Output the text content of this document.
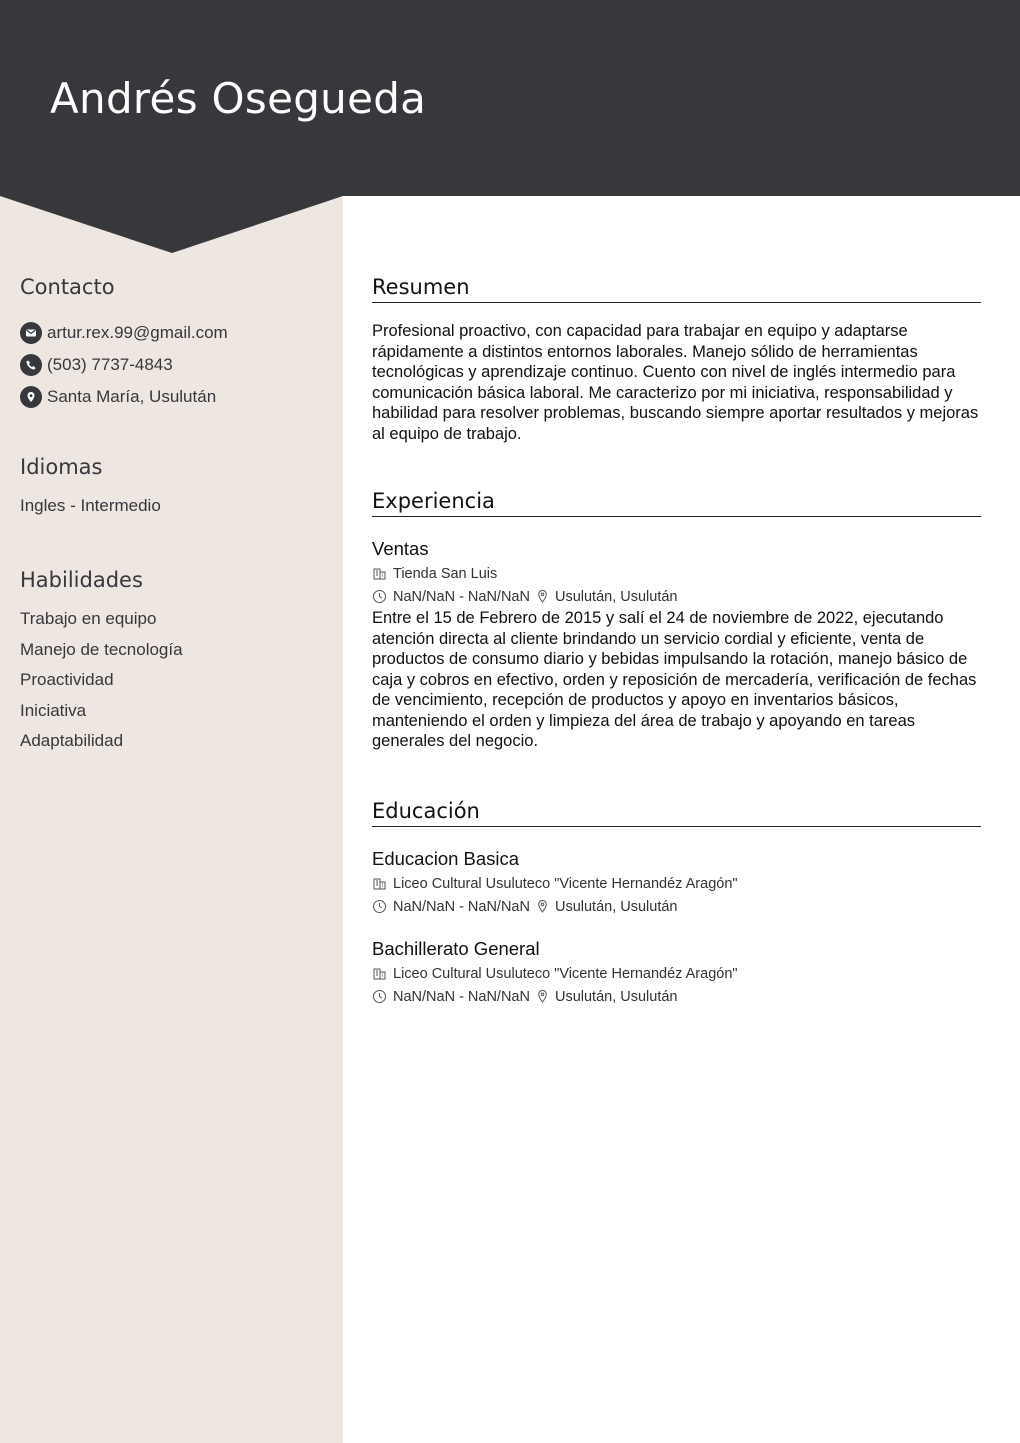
Andrés Osegueda
Contacto
artur.rex.99@gmail.com
(503) 7737-4843
Santa María, Usulután
Idiomas
Ingles - Intermedio
Habilidades
Trabajo en equipo
Manejo de tecnología
Proactividad
Iniciativa
Adaptabilidad
Resumen

Profesional proactivo, con capacidad para trabajar en equipo y adaptarse rápidamente a distintos entornos laborales. Manejo sólido de herramientas tecnológicas y aprendizaje continuo. Cuento con nivel de inglés intermedio para comunicación básica laboral. Me caracterizo por mi iniciativa, responsabilidad y habilidad para resolver problemas, buscando siempre aportar resultados y mejoras al equipo de trabajo.

Experiencia
Ventas
Tienda San Luis
NaN/NaN - NaN/NaN Usulután, Usulután

Entre el 15 de Febrero de 2015 y salí el 24 de noviembre de 2022, ejecutando atención directa al cliente brindando un servicio cordial y eficiente, venta de productos de consumo diario y bebidas impulsando la rotación, manejo básico de caja y cobros en efectivo, orden y reposición de mercadería, verificación de fechas de vencimiento, recepción de productos y apoyo en inventarios básicos, manteniendo el orden y limpieza del área de trabajo y apoyando en tareas generales del negocio.

Educación
Educacion Basica
Liceo Cultural Usuluteco "Vicente Hernandéz Aragón"
NaN/NaN - NaN/NaN Usulután, Usulután
Bachillerato General
Liceo Cultural Usuluteco "Vicente Hernandéz Aragón"
NaN/NaN - NaN/NaN Usulután, Usulután
